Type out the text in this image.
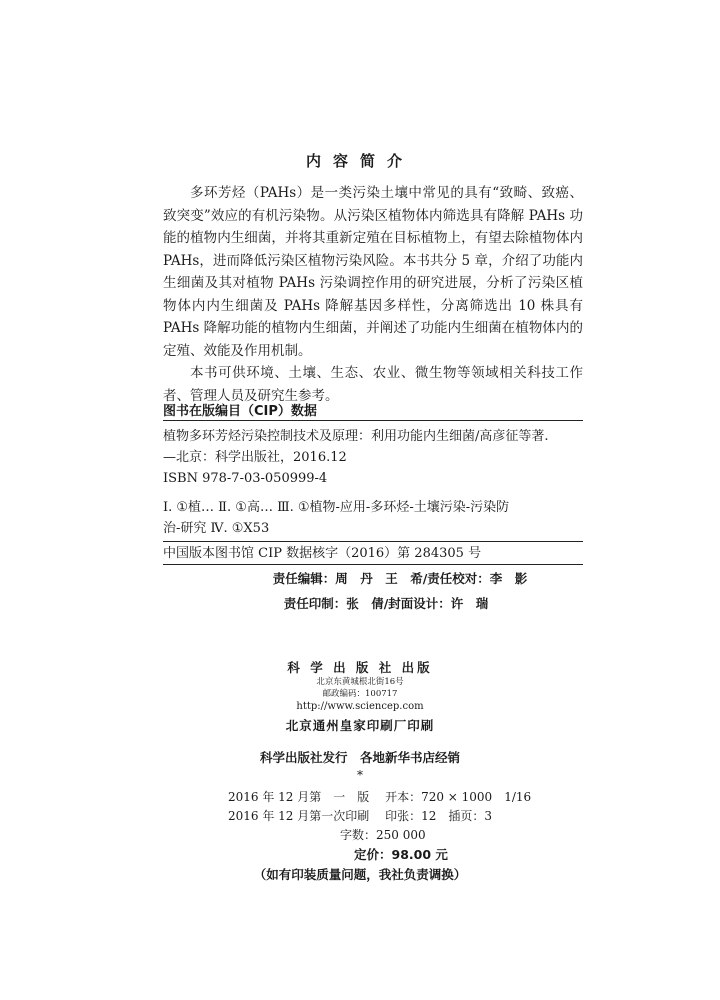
内容简介

多环芳烃（PAHs）是一类污染土壤中常见的具有“致畸、致癌、致突变”效应的有机污染物。从污染区植物体内筛选具有降解 PAHs 功能的植物内生细菌，并将其重新定殖在目标植物上，有望去除植物体内 PAHs，进而降低污染区植物污染风险。本书共分 5 章，介绍了功能内生细菌及其对植物 PAHs 污染调控作用的研究进展，分析了污染区植物体内内生细菌及 PAHs 降解基因多样性，分离筛选出 10 株具有 PAHs 降解功能的植物内生细菌，并阐述了功能内生细菌在植物体内的定殖、效能及作用机制。

本书可供环境、土壤、生态、农业、微生物等领域相关科技工作者、管理人员及研究生参考。

图书在版编目（CIP）数据
植物多环芳烃污染控制技术及原理：利用功能内生细菌/高彦征等著.
—北京：科学出版社，2016.12
ISBN 978-7-03-050999-4
Ⅰ. ①植… Ⅱ. ①高… Ⅲ. ①植物-应用-多环烃-土壤污染-污染防
治-研究 Ⅳ. ①X53
中国版本图书馆 CIP 数据核字（2016）第 284305 号
责任编辑：周　丹　王　希/责任校对：李　影
责任印制：张　倩/封面设计：许　瑞
科 学 出 版 社 出版
北京东黄城根北街16号
邮政编码：100717
http://www.sciencep.com
北京通州皇家印刷厂印刷
科学出版社发行　各地新华书店经销
*
2016 年 12 月第　一　版　 开本：720 × 1000　1/16
2016 年 12 月第一次印刷　 印张：12　插页：3
字数：250 000
定价：98.00 元
（如有印装质量问题，我社负责调换）
